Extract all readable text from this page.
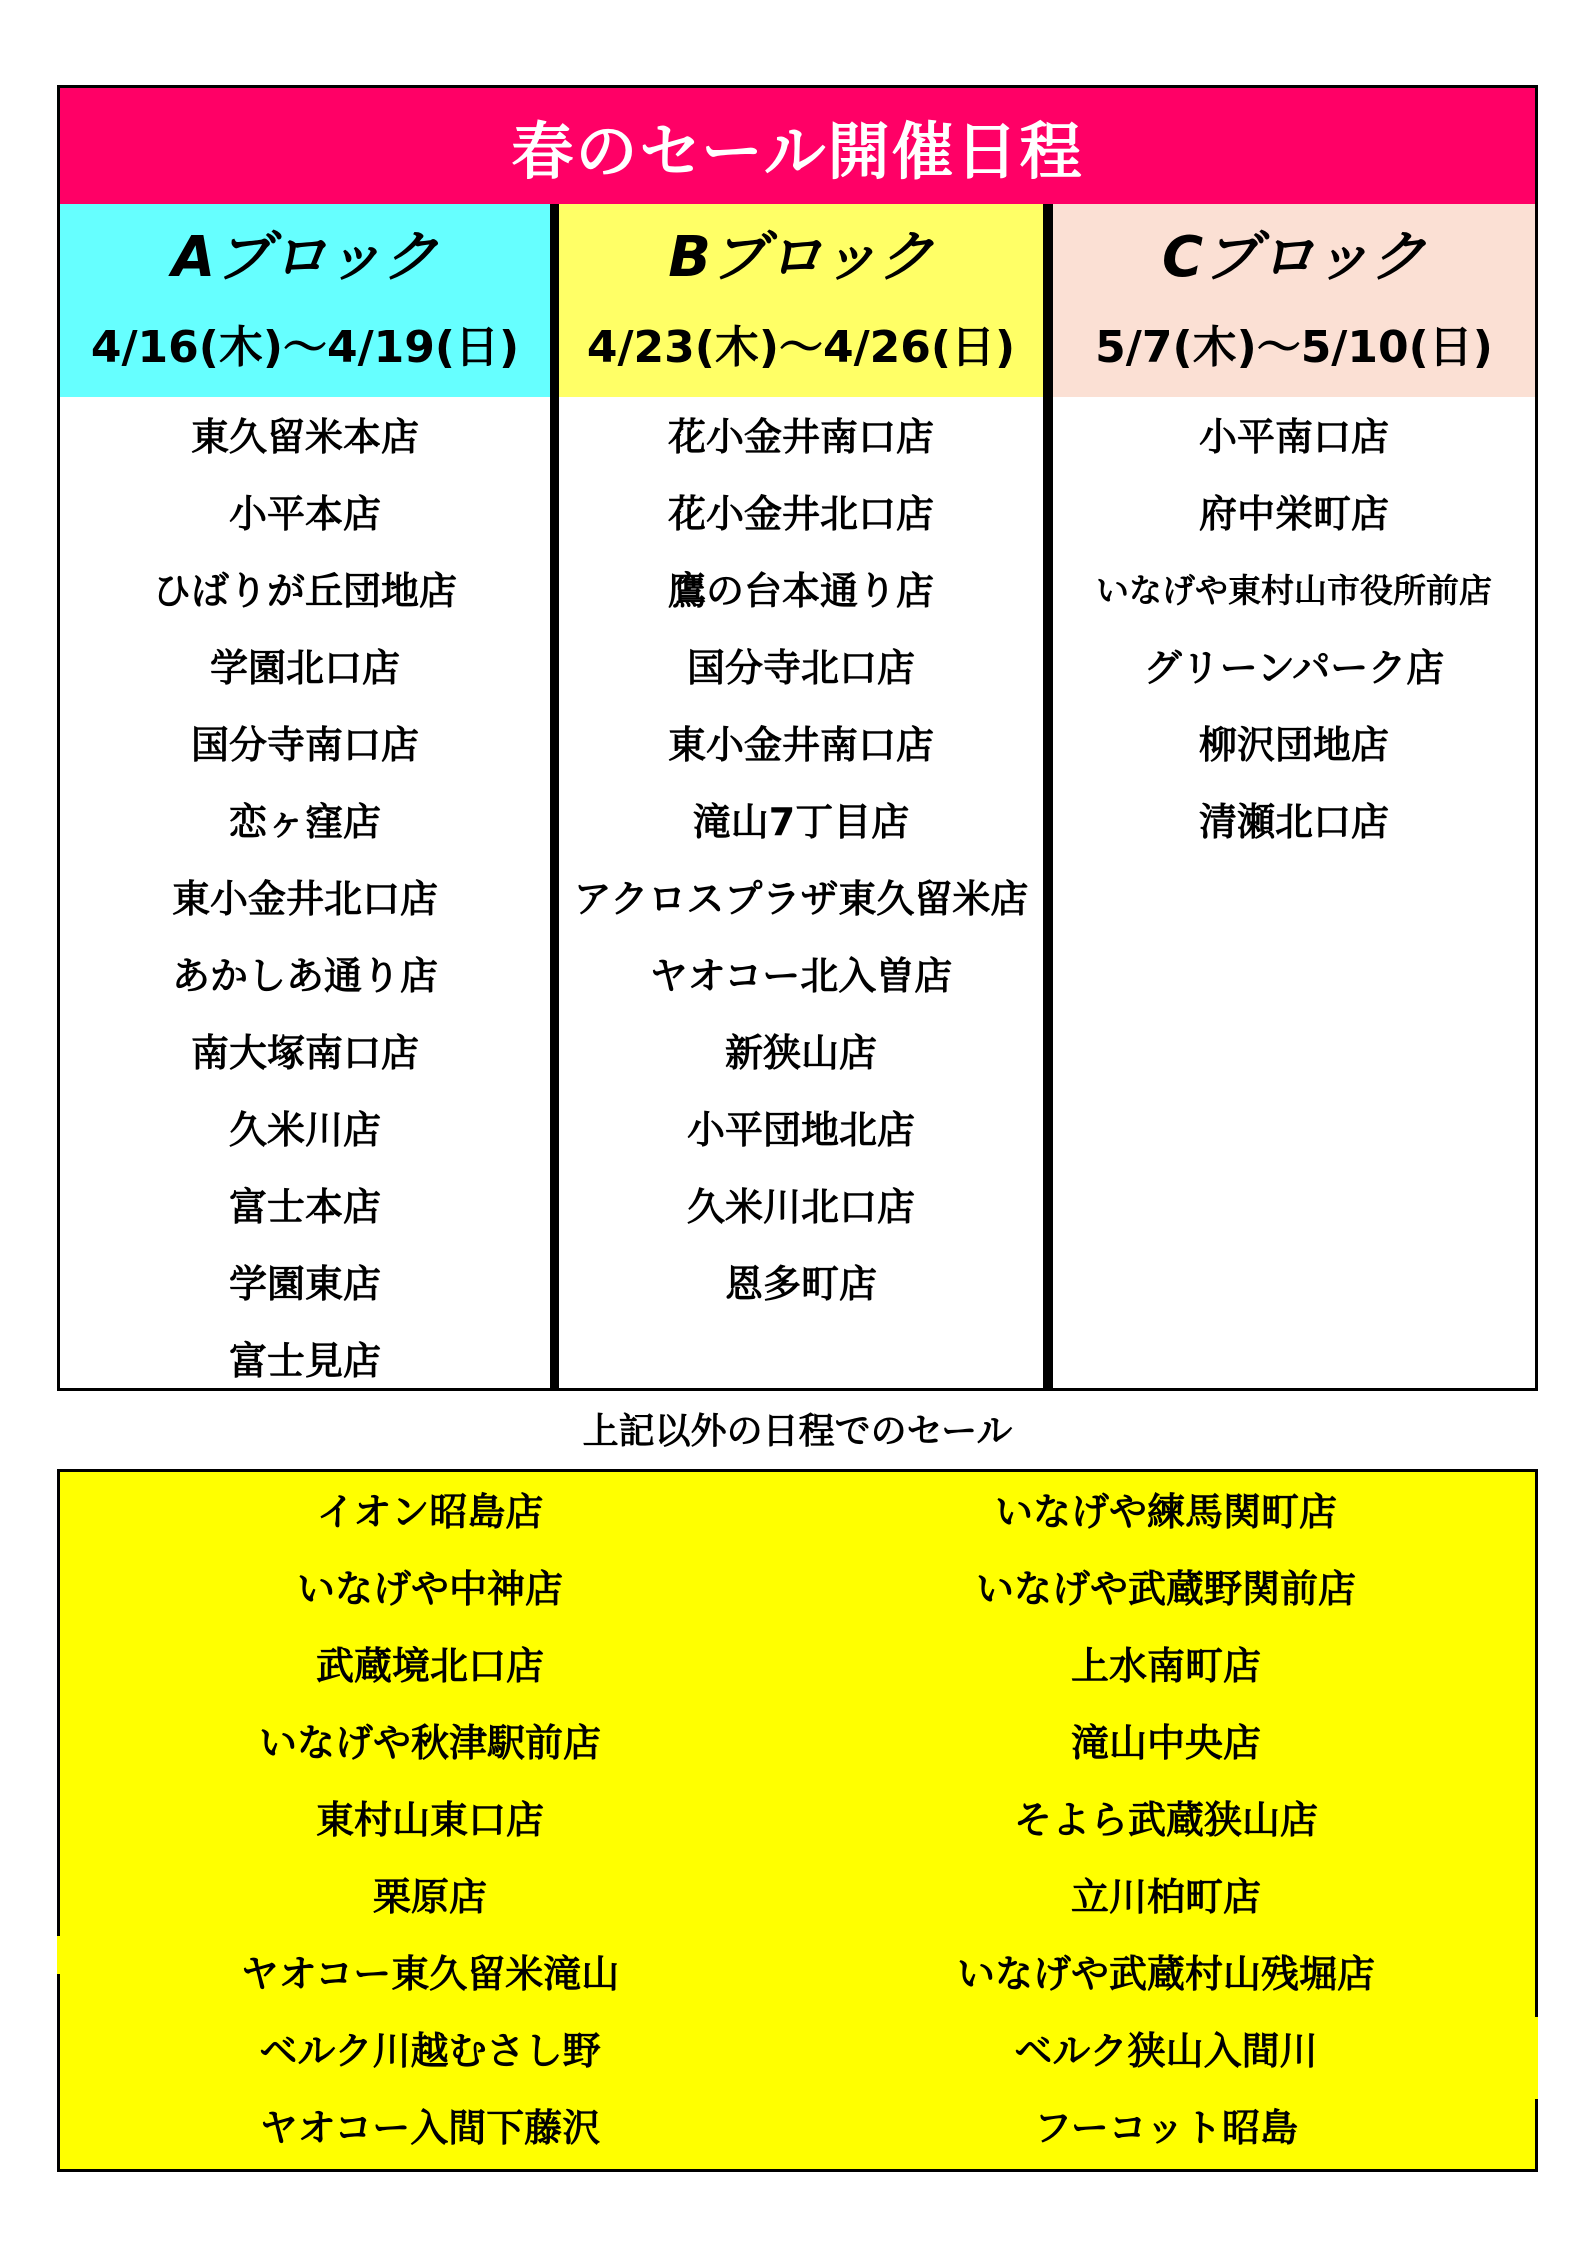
春のセール開催日程
Aブロック
4/16(木)〜4/19(日)
東久留米本店
小平本店
ひばりが丘団地店
学園北口店
国分寺南口店
恋ヶ窪店
東小金井北口店
あかしあ通り店
南大塚南口店
久米川店
富士本店
学園東店
富士見店
Bブロック
4/23(木)〜4/26(日)
花小金井南口店
花小金井北口店
鷹の台本通り店
国分寺北口店
東小金井南口店
滝山7丁目店
アクロスプラザ東久留米店
ヤオコー北入曽店
新狭山店
小平団地北店
久米川北口店
恩多町店
Cブロック
5/7(木)〜5/10(日)
小平南口店
府中栄町店
いなげや東村山市役所前店
グリーンパーク店
柳沢団地店
清瀬北口店
上記以外の日程でのセール
イオン昭島店
いなげや中神店
武蔵境北口店
いなげや秋津駅前店
東村山東口店
栗原店
ヤオコー東久留米滝山
ベルク川越むさし野
ヤオコー入間下藤沢
いなげや練馬関町店
いなげや武蔵野関前店
上水南町店
滝山中央店
そよら武蔵狭山店
立川柏町店
いなげや武蔵村山残堀店
ベルク狭山入間川
フーコット昭島
